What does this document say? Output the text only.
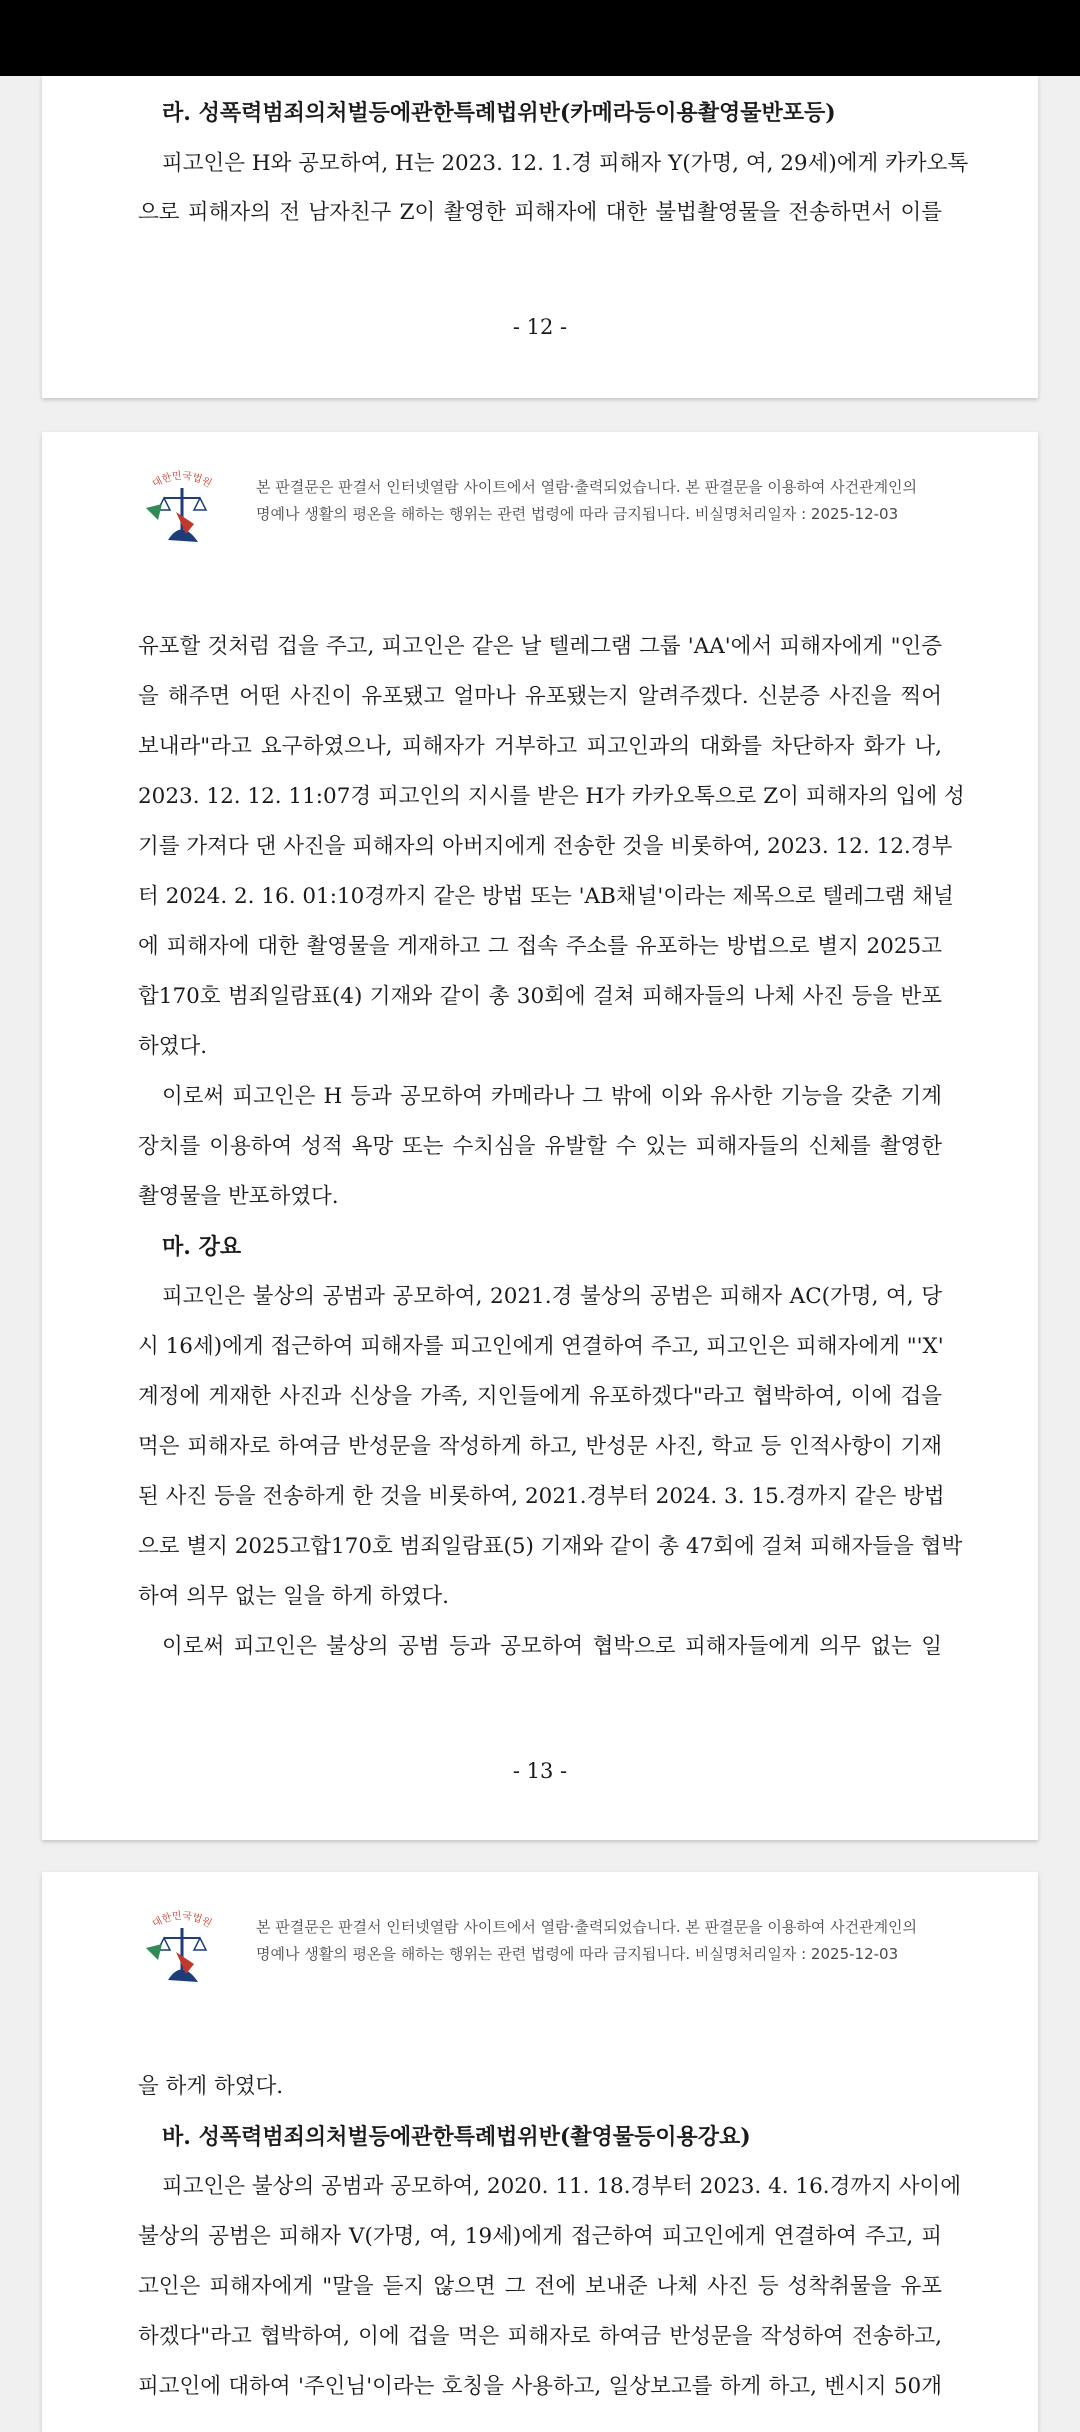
라. 성폭력범죄의처벌등에관한특례법위반(카메라등이용촬영물반포등)
피고인은 H와 공모하여, H는 2023. 12. 1.경 피해자 Y(가명, 여, 29세)에게 카카오톡
으로 피해자의 전 남자친구 Z이 촬영한 피해자에 대한 불법촬영물을 전송하면서 이를
- 12 -
대한민국법원	본 판결문은 판결서 인터넷열람 사이트에서 열람·출력되었습니다. 본 판결문을 이용하여 사건관계인의
명예나 생활의 평온을 해하는 행위는 관련 법령에 따라 금지됩니다. 비실명처리일자 : 2025-12-03
유포할 것처럼 겁을 주고, 피고인은 같은 날 텔레그램 그룹 'AA'에서 피해자에게 "인증
을 해주면 어떤 사진이 유포됐고 얼마나 유포됐는지 알려주겠다. 신분증 사진을 찍어
보내라"라고 요구하였으나, 피해자가 거부하고 피고인과의 대화를 차단하자 화가 나,
2023. 12. 12. 11:07경 피고인의 지시를 받은 H가 카카오톡으로 Z이 피해자의 입에 성
기를 가져다 댄 사진을 피해자의 아버지에게 전송한 것을 비롯하여, 2023. 12. 12.경부
터 2024. 2. 16. 01:10경까지 같은 방법 또는 'AB채널'이라는 제목으로 텔레그램 채널
에 피해자에 대한 촬영물을 게재하고 그 접속 주소를 유포하는 방법으로 별지 2025고
합170호 범죄일람표(4) 기재와 같이 총 30회에 걸쳐 피해자들의 나체 사진 등을 반포
하였다.
이로써 피고인은 H 등과 공모하여 카메라나 그 밖에 이와 유사한 기능을 갖춘 기계
장치를 이용하여 성적 욕망 또는 수치심을 유발할 수 있는 피해자들의 신체를 촬영한
촬영물을 반포하였다.
마. 강요
피고인은 불상의 공범과 공모하여, 2021.경 불상의 공범은 피해자 AC(가명, 여, 당
시 16세)에게 접근하여 피해자를 피고인에게 연결하여 주고, 피고인은 피해자에게 "'X'
계정에 게재한 사진과 신상을 가족, 지인들에게 유포하겠다"라고 협박하여, 이에 겁을
먹은 피해자로 하여금 반성문을 작성하게 하고, 반성문 사진, 학교 등 인적사항이 기재
된 사진 등을 전송하게 한 것을 비롯하여, 2021.경부터 2024. 3. 15.경까지 같은 방법
으로 별지 2025고합170호 범죄일람표(5) 기재와 같이 총 47회에 걸쳐 피해자들을 협박
하여 의무 없는 일을 하게 하였다.
이로써 피고인은 불상의 공범 등과 공모하여 협박으로 피해자들에게 의무 없는 일
- 13 -
대한민국법원	본 판결문은 판결서 인터넷열람 사이트에서 열람·출력되었습니다. 본 판결문을 이용하여 사건관계인의
명예나 생활의 평온을 해하는 행위는 관련 법령에 따라 금지됩니다. 비실명처리일자 : 2025-12-03
을 하게 하였다.
바. 성폭력범죄의처벌등에관한특례법위반(촬영물등이용강요)
피고인은 불상의 공범과 공모하여, 2020. 11. 18.경부터 2023. 4. 16.경까지 사이에
불상의 공범은 피해자 V(가명, 여, 19세)에게 접근하여 피고인에게 연결하여 주고, 피
고인은 피해자에게 "말을 듣지 않으면 그 전에 보내준 나체 사진 등 성착취물을 유포
하겠다"라고 협박하여, 이에 겁을 먹은 피해자로 하여금 반성문을 작성하여 전송하고,
피고인에 대하여 '주인님'이라는 호칭을 사용하고, 일상보고를 하게 하고, 벤시지 50개
